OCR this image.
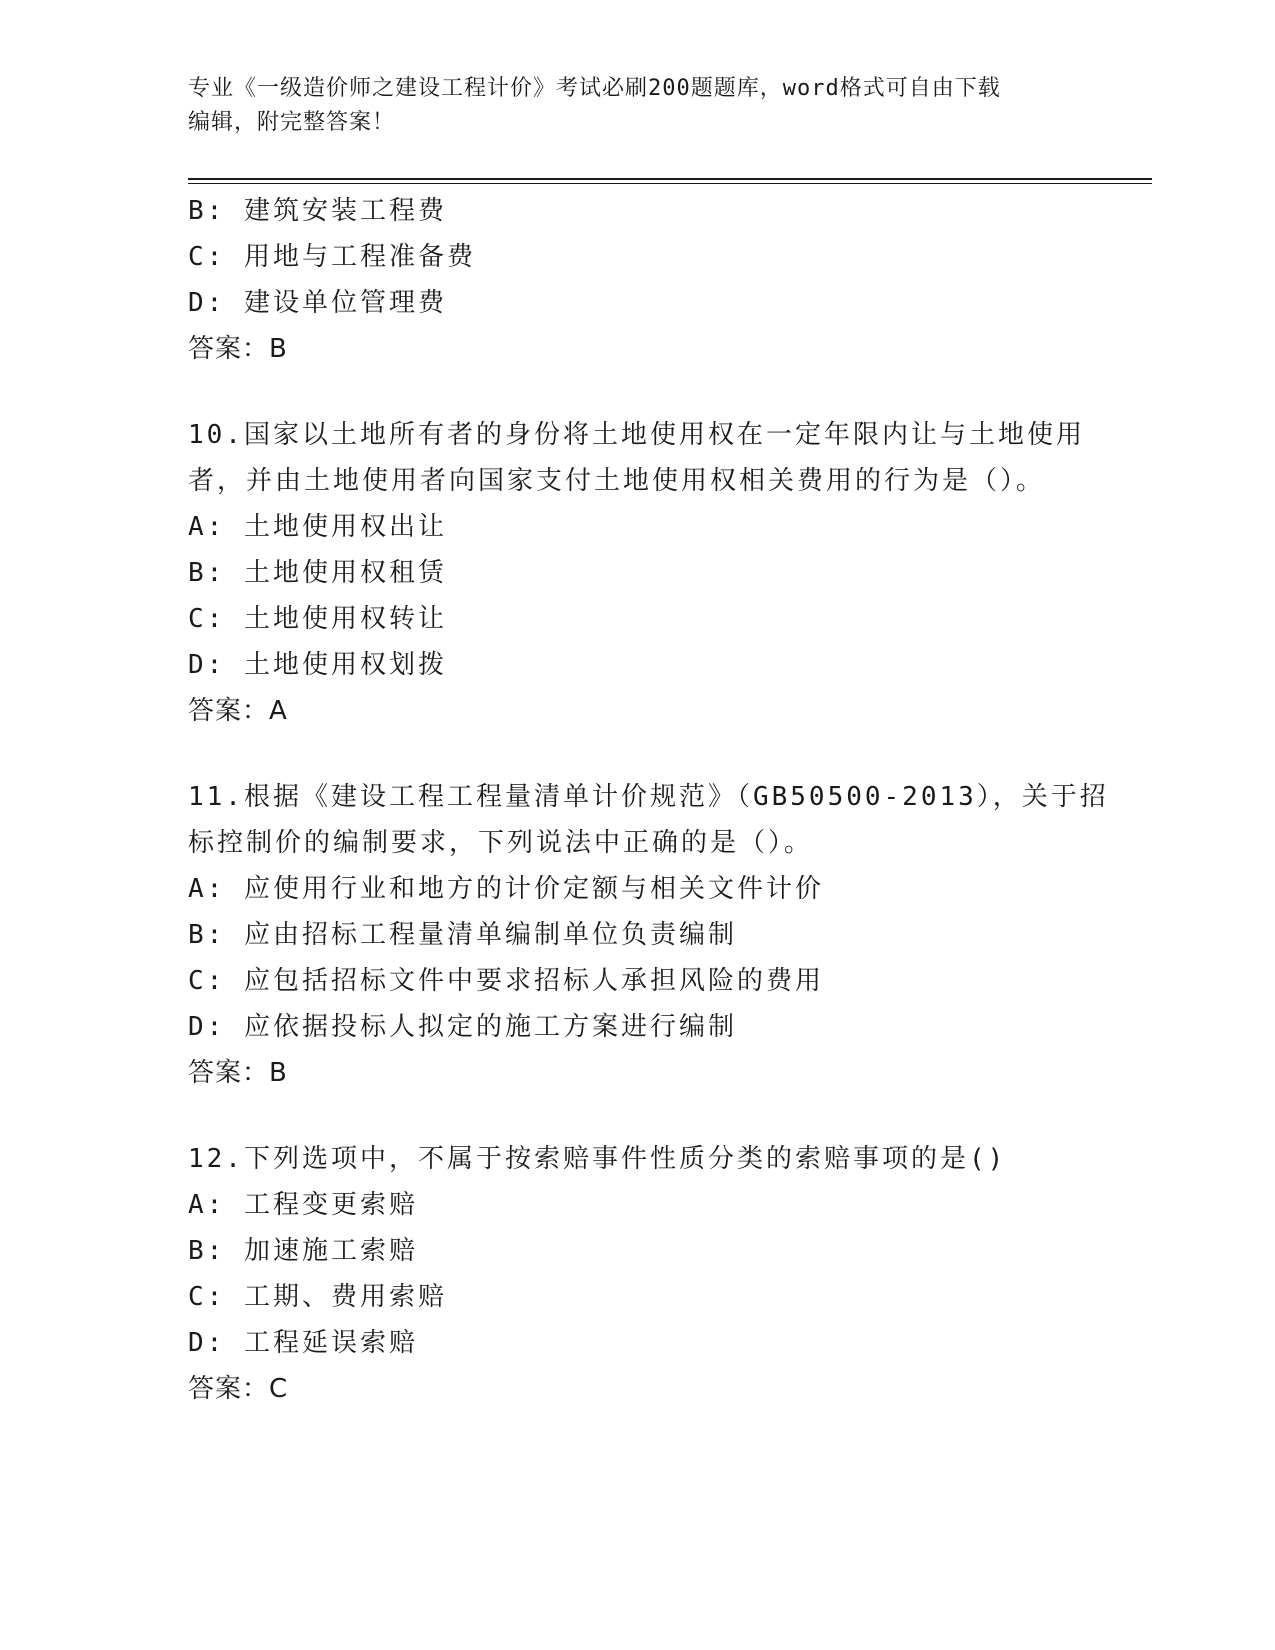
专业《一级造价师之建设工程计价》考试必刷200题题库，word格式可自由下载
编辑，附完整答案！
B: 建筑安装工程费
C: 用地与工程准备费
D: 建设单位管理费
答案：B
10.国家以土地所有者的身份将土地使用权在一定年限内让与土地使用
者，并由土地使用者向国家支付土地使用权相关费用的行为是（）。
A: 土地使用权出让
B: 土地使用权租赁
C: 土地使用权转让
D: 土地使用权划拨
答案：A
11.根据《建设工程工程量清单计价规范》（GB50500-2013），关于招
标控制价的编制要求，下列说法中正确的是（）。
A: 应使用行业和地方的计价定额与相关文件计价
B: 应由招标工程量清单编制单位负责编制
C: 应包括招标文件中要求招标人承担风险的费用
D: 应依据投标人拟定的施工方案进行编制
答案：B
12.下列选项中，不属于按索赔事件性质分类的索赔事项的是()
A: 工程变更索赔
B: 加速施工索赔
C: 工期、费用索赔
D: 工程延误索赔
答案：C
